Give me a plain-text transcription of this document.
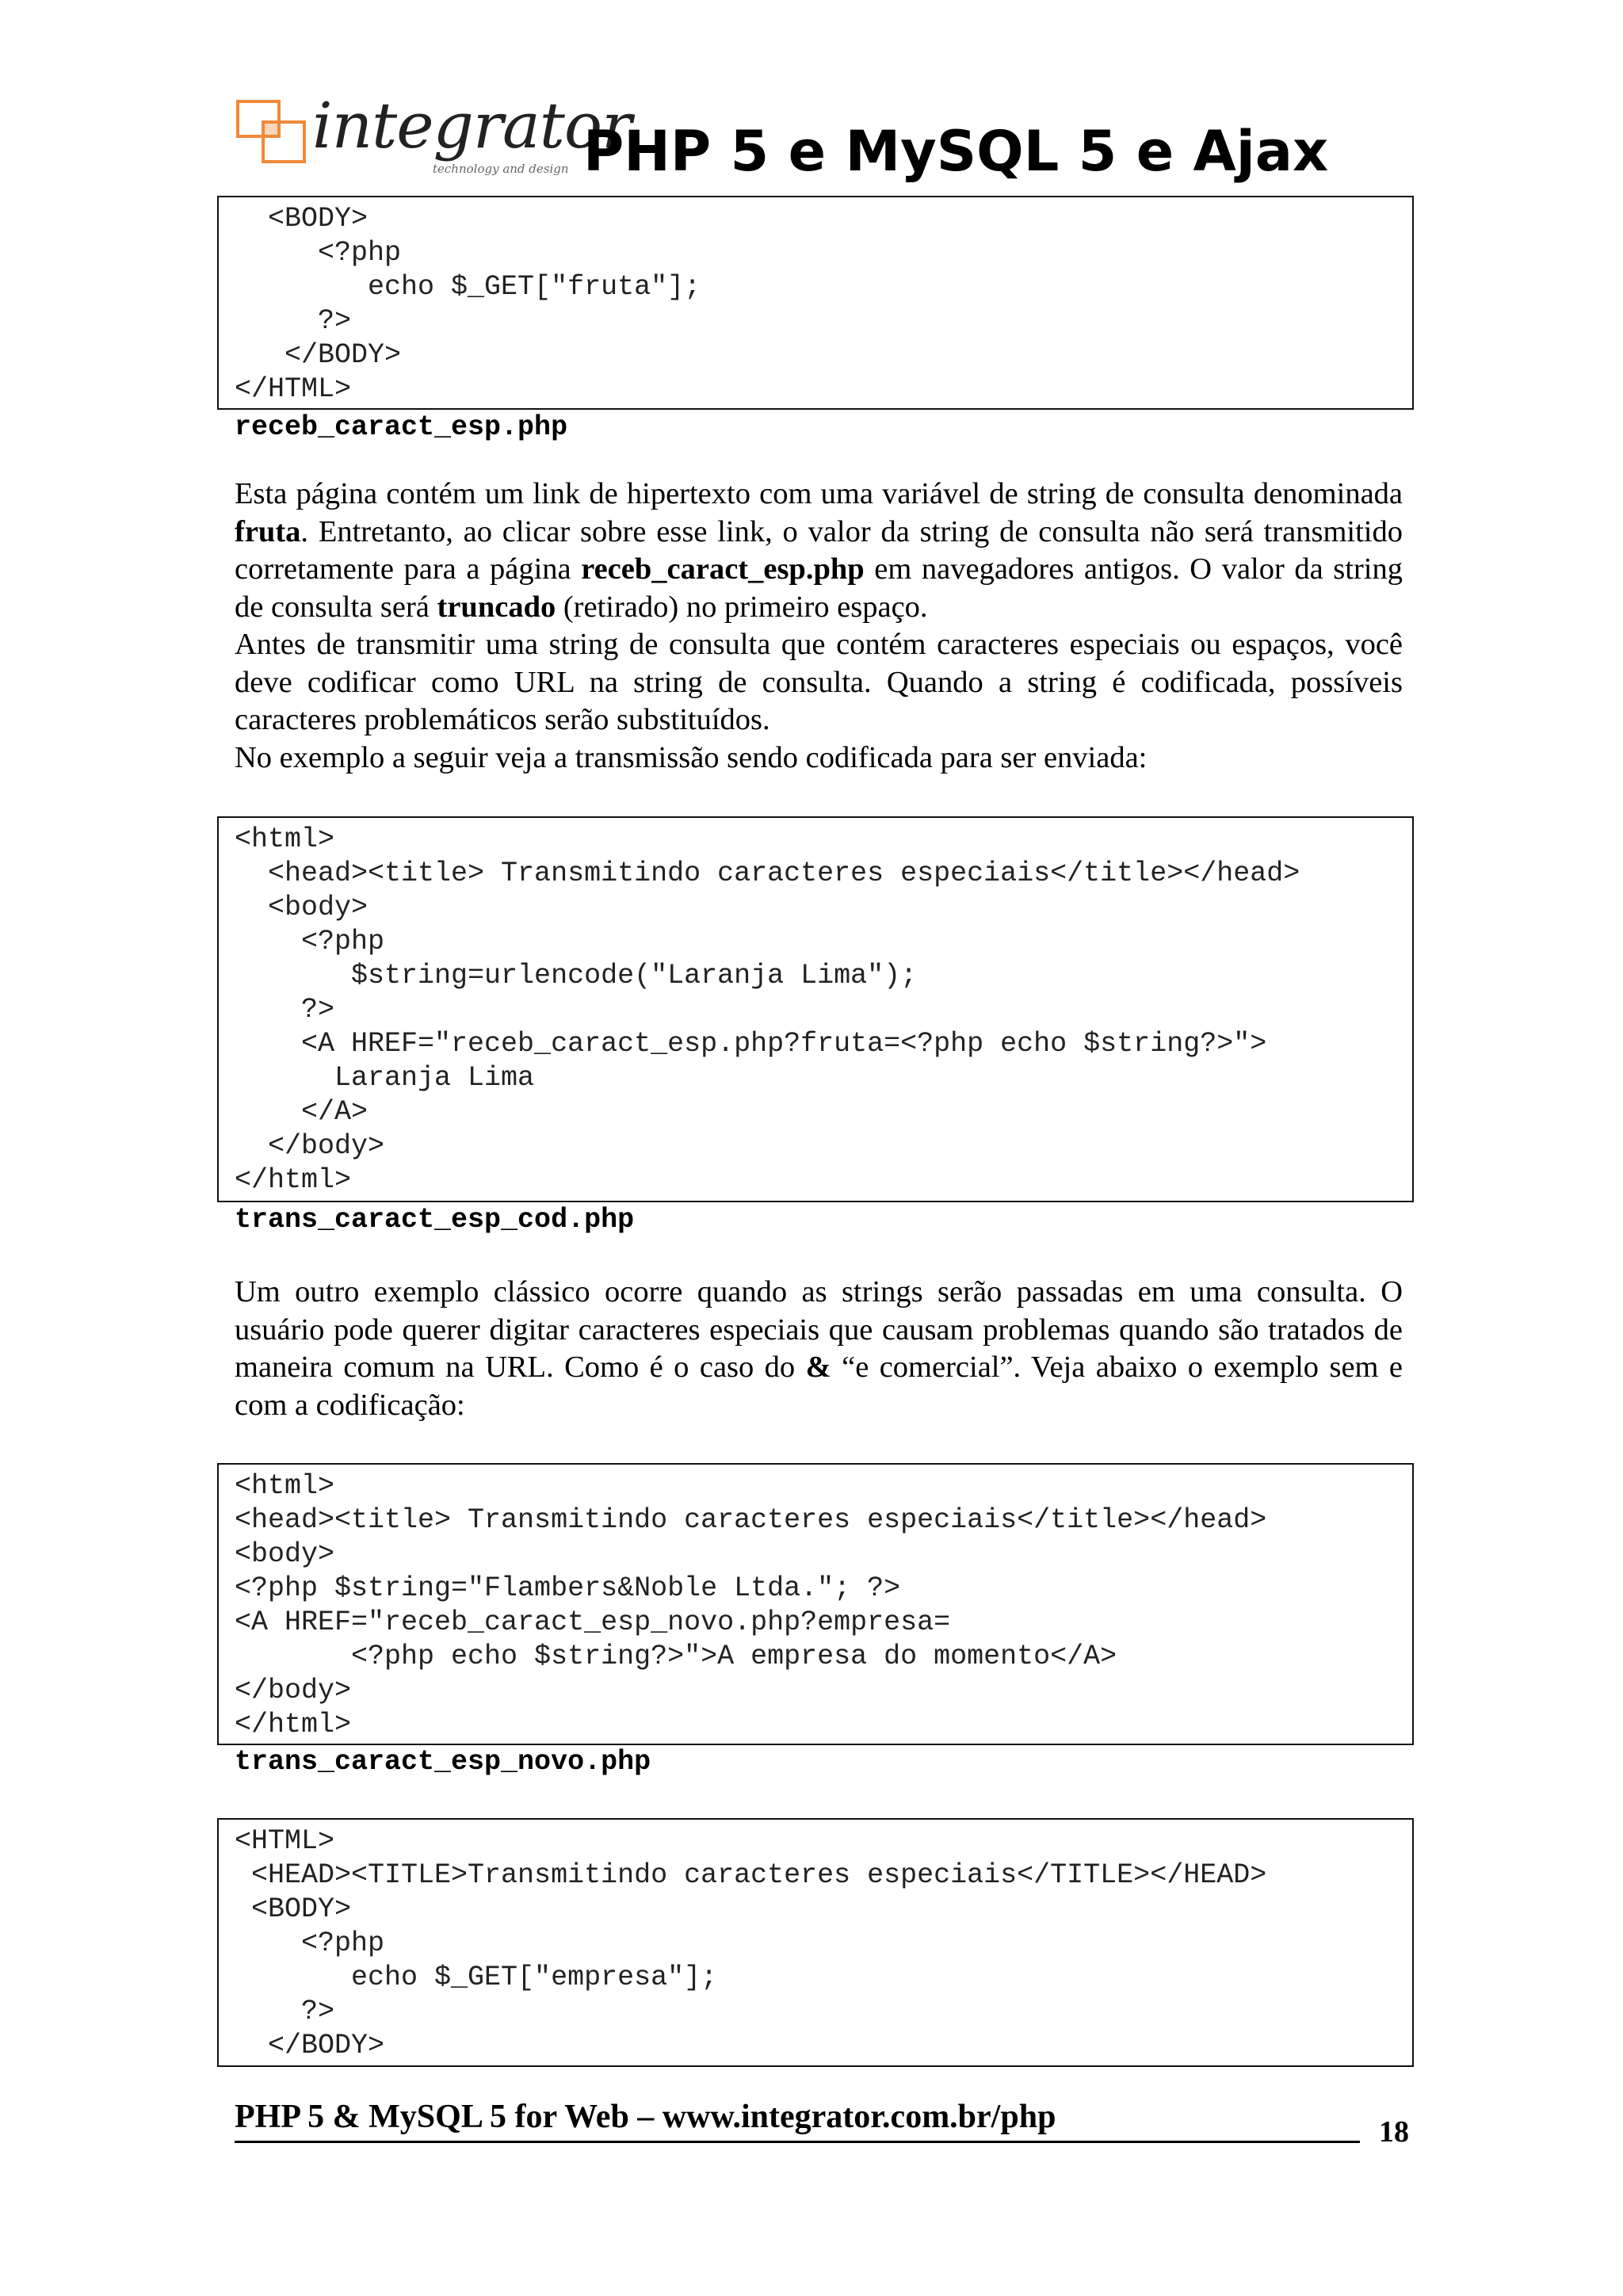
integrator
technology and design PHP 5 e MySQL 5 e Ajax
<BODY>
<?php
echo $_GET["fruta"];
?>
</BODY>
</HTML>
receb_caract_esp.php

Esta página contém um link de hipertexto com uma variável de string de consulta denominada fruta. Entretanto, ao clicar sobre esse link, o valor da string de consulta não será transmitido corretamente para a página receb_caract_esp.php em navegadores antigos. O valor da string de consulta será truncado (retirado) no primeiro espaço.

Antes de transmitir uma string de consulta que contém caracteres especiais ou espaços, você deve codificar como URL na string de consulta. Quando a string é codificada, possíveis caracteres problemáticos serão substituídos.

No exemplo a seguir veja a transmissão sendo codificada para ser enviada:

<html>
<head><title> Transmitindo caracteres especiais</title></head>
<body>
<?php
$string=urlencode("Laranja Lima");
?>
<A HREF="receb_caract_esp.php?fruta=<?php echo $string?>">
Laranja Lima
</A>
</body>
</html>
trans_caract_esp_cod.php

Um outro exemplo clássico ocorre quando as strings serão passadas em uma consulta. O usuário pode querer digitar caracteres especiais que causam problemas quando são tratados de maneira comum na URL. Como é o caso do & “e comercial”. Veja abaixo o exemplo sem e com a codificação:

<html>
<head><title> Transmitindo caracteres especiais</title></head>
<body>
<?php $string="Flambers&Noble Ltda."; ?>
<A HREF="receb_caract_esp_novo.php?empresa=
<?php echo $string?>">A empresa do momento</A>
</body>
</html>
trans_caract_esp_novo.php
<HTML>
<HEAD><TITLE>Transmitindo caracteres especiais</TITLE></HEAD>
<BODY>
<?php
echo $_GET["empresa"];
?>
</BODY>
PHP 5 & MySQL 5 for Web – www.integrator.com.br/php	18
